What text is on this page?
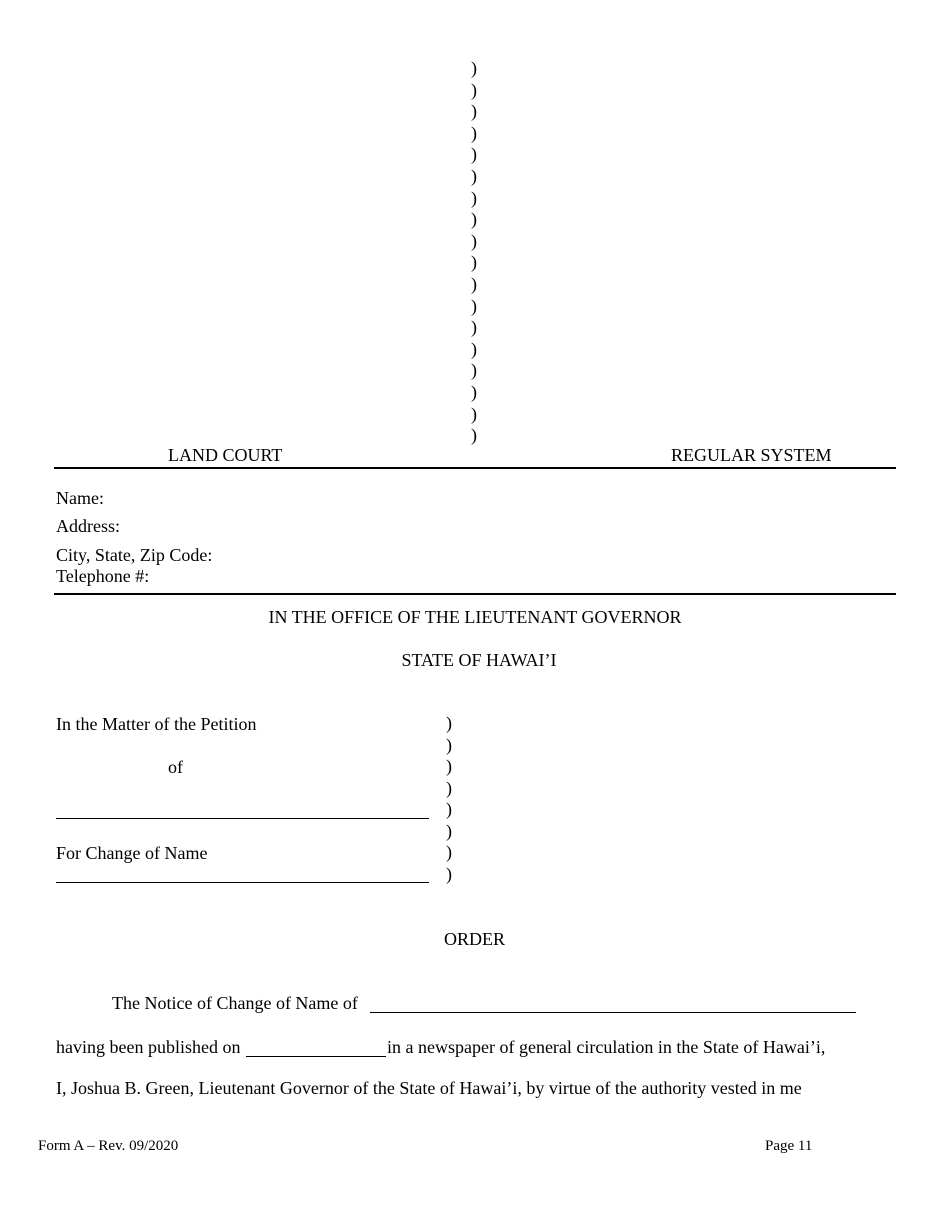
)
)
)
)
)
)
)
)
)
)
)
)
)
)
)
)
)
)
LAND COURT	REGULAR SYSTEM
Name:
Address:
City, State, Zip Code:
Telephone #:
IN THE OFFICE OF THE LIEUTENANT GOVERNOR
STATE OF HAWAI’I
In the Matter of the Petition
of
For Change of Name
)
)
)
)
)
)
)
)
ORDER
The Notice of Change of Name of
having been published on	in a newspaper of general circulation in the State of Hawai’i,
I, Joshua B. Green, Lieutenant Governor of the State of Hawai’i, by virtue of the authority vested in me
Form A – Rev. 09/2020	Page 11
